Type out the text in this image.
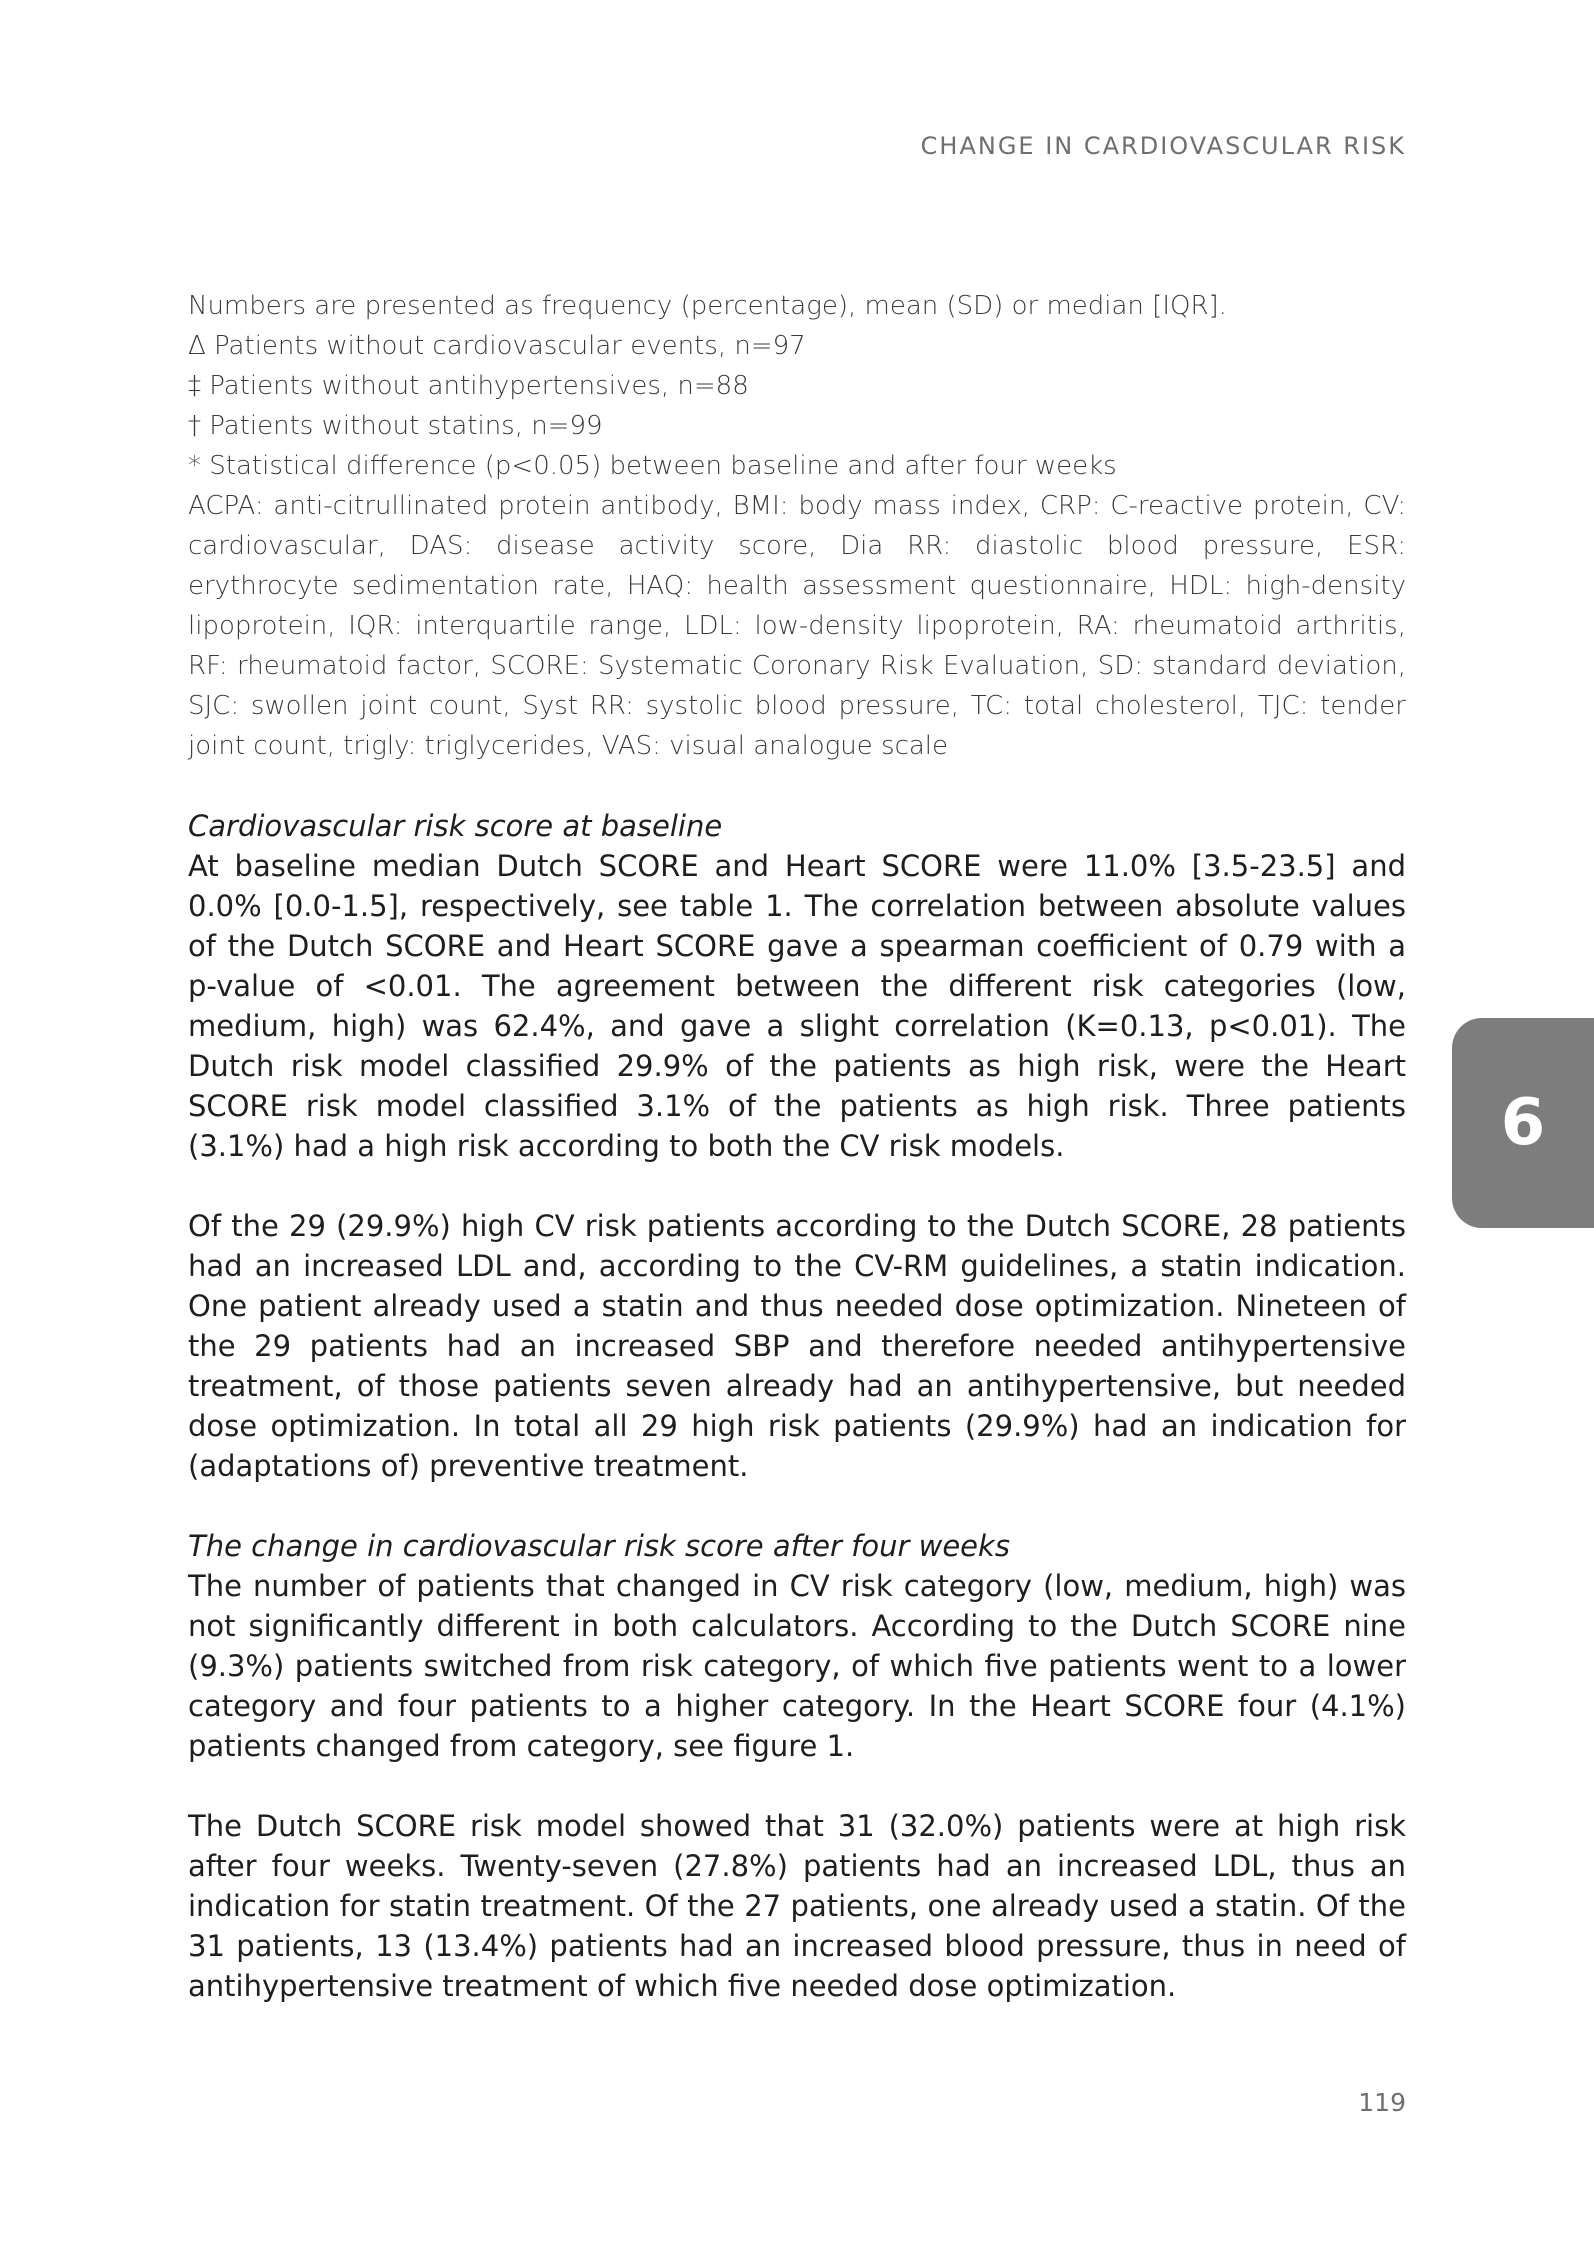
CHANGE IN CARDIOVASCULAR RISK

Numbers are presented as frequency (percentage), mean (SD) or median [IQR].

Δ Patients without cardiovascular events, n=97

‡ Patients without antihypertensives, n=88

† Patients without statins, n=99

* Statistical difference (p<0.05) between baseline and after four weeks

ACPA: anti-citrullinated protein antibody, BMI: body mass index, CRP: C-reactive protein, CV: cardiovascular, DAS: disease activity score, Dia RR: diastolic blood pressure, ESR: erythrocyte sedimentation rate, HAQ: health assessment questionnaire, HDL: high-density lipoprotein, IQR: interquartile range, LDL: low-density lipoprotein, RA: rheumatoid arthritis, RF: rheumatoid factor, SCORE: Systematic Coronary Risk Evaluation, SD: standard deviation, SJC: swollen joint count, Syst RR: systolic blood pressure, TC: total cholesterol, TJC: tender joint count, trigly: triglycerides, VAS: visual analogue scale

Cardiovascular risk score at baseline

At baseline median Dutch SCORE and Heart SCORE were 11.0% [3.5-23.5] and 0.0% [0.0-1.5], respectively, see table 1. The correlation between absolute values of the Dutch SCORE and Heart SCORE gave a spearman coefficient of 0.79 with a p-value of <0.01. The agreement between the different risk categories (low, medium, high) was 62.4%, and gave a slight correlation (K=0.13, p<0.01). The Dutch risk model classified 29.9% of the patients as high risk, were the Heart SCORE risk model classified 3.1% of the patients as high risk. Three patients (3.1%) had a high risk according to both the CV risk models.

Of the 29 (29.9%) high CV risk patients according to the Dutch SCORE, 28 patients had an increased LDL and, according to the CV-RM guidelines, a statin indication. One patient already used a statin and thus needed dose optimization. Nineteen of the 29 patients had an increased SBP and therefore needed antihypertensive treatment, of those patients seven already had an antihypertensive, but needed dose optimization. In total all 29 high risk patients (29.9%) had an indication for (adaptations of) preventive treatment.

The change in cardiovascular risk score after four weeks

The number of patients that changed in CV risk category (low, medium, high) was not significantly different in both calculators. According to the Dutch SCORE nine (9.3%) patients switched from risk category, of which five patients went to a lower category and four patients to a higher category. In the Heart SCORE four (4.1%) patients changed from category, see figure 1.

The Dutch SCORE risk model showed that 31 (32.0%) patients were at high risk after four weeks. Twenty-seven (27.8%) patients had an increased LDL, thus an indication for statin treatment. Of the 27 patients, one already used a statin. Of the 31 patients, 13 (13.4%) patients had an increased blood pressure, thus in need of antihypertensive treatment of which five needed dose optimization.

6
119
